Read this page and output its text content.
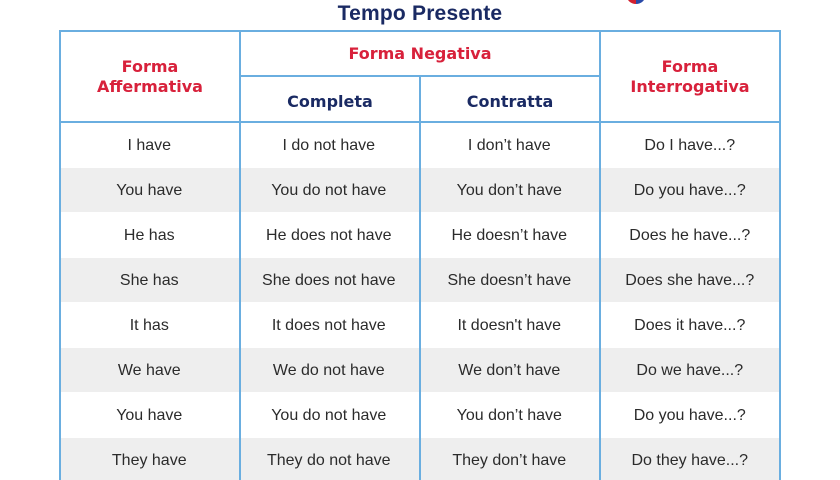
Tempo Presente
Forma
Affermativa
Forma Negativa
Completa	Contratta
Forma
Interrogativa
I have	I do not have	I don’t have	Do I have...?
You have	You do not have	You don’t have	Do you have...?
He has	He does not have	He doesn’t have	Does he have...?
She has	She does not have	She doesn’t have	Does she have...?
It has	It does not have	It doesn't have	Does it have...?
We have	We do not have	We don’t have	Do we have...?
You have	You do not have	You don’t have	Do you have...?
They have	They do not have	They don’t have	Do they have...?
